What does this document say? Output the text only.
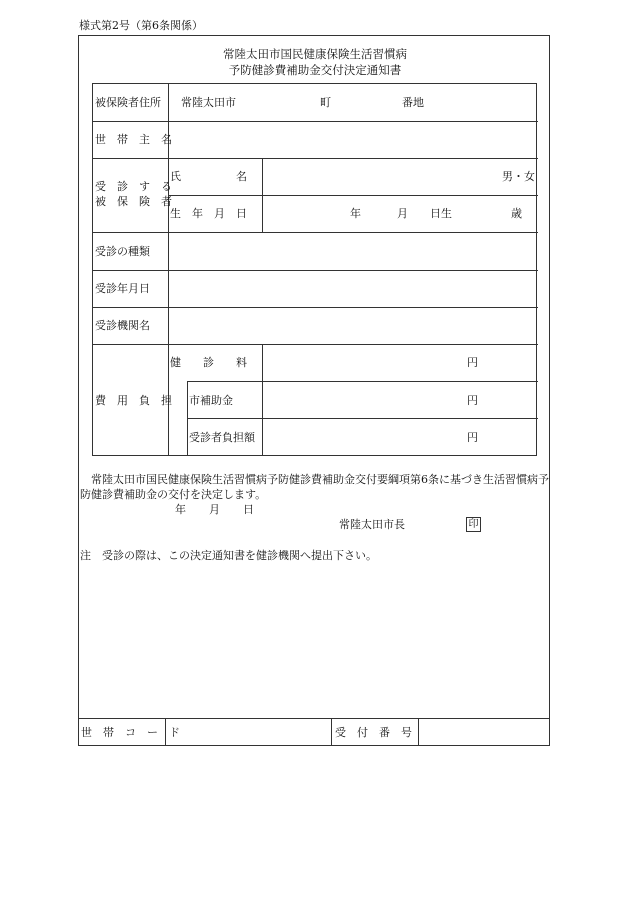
様式第2号（第6条関係）
常陸太田市国民健康保険生活習慣病
予防健診費補助金交付決定通知書
被保険者住所 常陸太田市	町	番地
世　帯　主　名
受　診　す　る
被　保　険　者
氏　　　　　名	男・女
生　年　月　日	年	月 日生	歳
受診の種類
受診年月日
受診機関名
費　用　負　担
健　　診　　料	円
市補助金	円
受診者負担額	円
常陸太田市国民健康保険生活習慣病予防健診費補助金交付要綱項第6条に基づき生活習慣病予防健診費補助金の交付を決定します。
年 月 日
常陸太田市長	印
注 受診の際は、この決定通知書を健診機関へ提出下さい。
世　帯　コ　ー　ド	受　付　番　号
